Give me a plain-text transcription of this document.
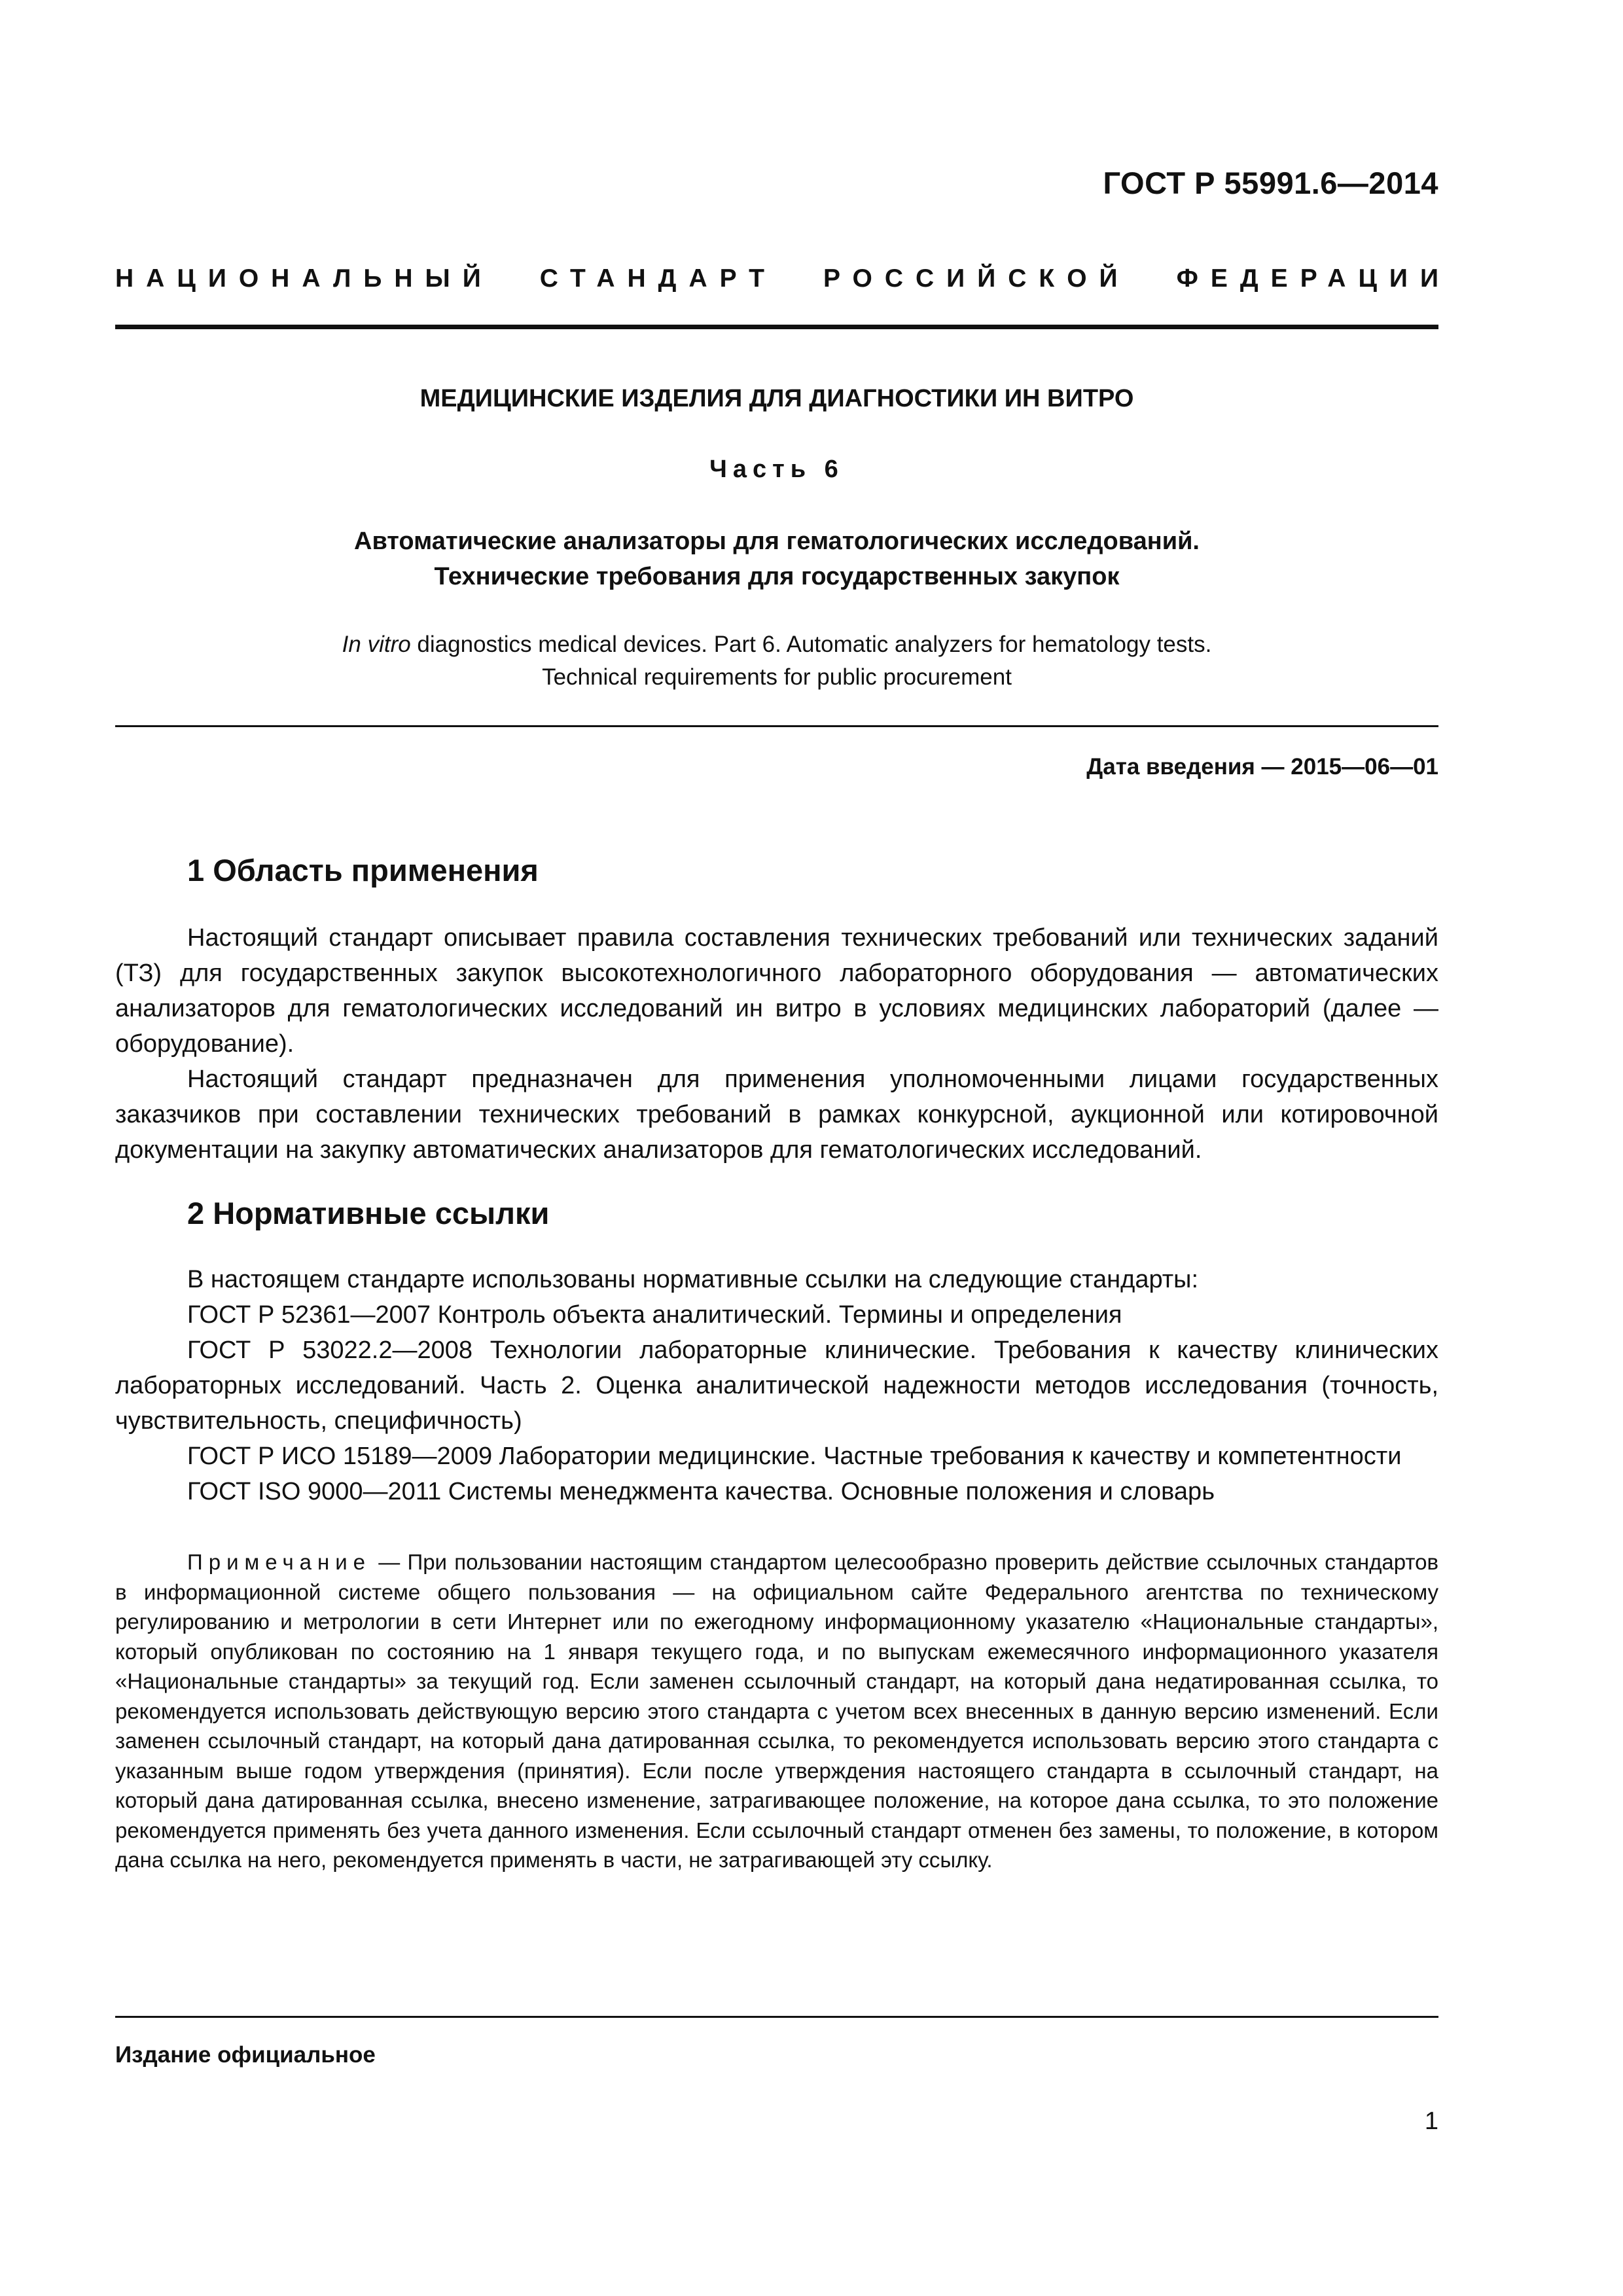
ГОСТ Р 55991.6—2014
НАЦИОНАЛЬНЫЙ СТАНДАРТ РОССИЙСКОЙ ФЕДЕРАЦИИ
МЕДИЦИНСКИЕ ИЗДЕЛИЯ ДЛЯ ДИАГНОСТИКИ ИН ВИТРО
Часть 6
Автоматические анализаторы для гематологических исследований.
Технические требования для государственных закупок
In vitro diagnostics medical devices. Part 6. Automatic analyzers for hematology tests.
Technical requirements for public procurement
Дата введения — 2015—06—01
1 Область применения

Настоящий стандарт описывает правила составления технических требований или технических заданий (ТЗ) для государственных закупок высокотехнологичного лабораторного оборудования — автоматических анализаторов для гематологических исследований ин витро в условиях медицинских лабораторий (далее — оборудование).

Настоящий стандарт предназначен для применения уполномоченными лицами государственных заказчиков при составлении технических требований в рамках конкурсной, аукционной или котировочной документации на закупку автоматических анализаторов для гематологических исследований.

2 Нормативные ссылки

В настоящем стандарте использованы нормативные ссылки на следующие стандарты:

ГОСТ Р 52361—2007 Контроль объекта аналитический. Термины и определения

ГОСТ Р 53022.2—2008 Технологии лабораторные клинические. Требования к качеству клинических лабораторных исследований. Часть 2. Оценка аналитической надежности методов исследования (точность, чувствительность, специфичность)

ГОСТ Р ИСО 15189—2009 Лаборатории медицинские. Частные требования к качеству и компетентности

ГОСТ ISO 9000—2011 Системы менеджмента качества. Основные положения и словарь

Примечание — При пользовании настоящим стандартом целесообразно проверить действие ссылочных стандартов в информационной системе общего пользования — на официальном сайте Федерального агентства по техническому регулированию и метрологии в сети Интернет или по ежегодному информационному указателю «Национальные стандарты», который опубликован по состоянию на 1 января текущего года, и по выпускам ежемесячного информационного указателя «Национальные стандарты» за текущий год. Если заменен ссылочный стандарт, на который дана недатированная ссылка, то рекомендуется использовать действующую версию этого стандарта с учетом всех внесенных в данную версию изменений. Если заменен ссылочный стандарт, на который дана датированная ссылка, то рекомендуется использовать версию этого стандарта с указанным выше годом утверждения (принятия). Если после утверждения настоящего стандарта в ссылочный стандарт, на который дана датированная ссылка, внесено изменение, затрагивающее положение, на которое дана ссылка, то это положение рекомендуется применять без учета данного изменения. Если ссылочный стандарт отменен без замены, то положение, в котором дана ссылка на него, рекомендуется применять в части, не затрагивающей эту ссылку.

Издание официальное
1
